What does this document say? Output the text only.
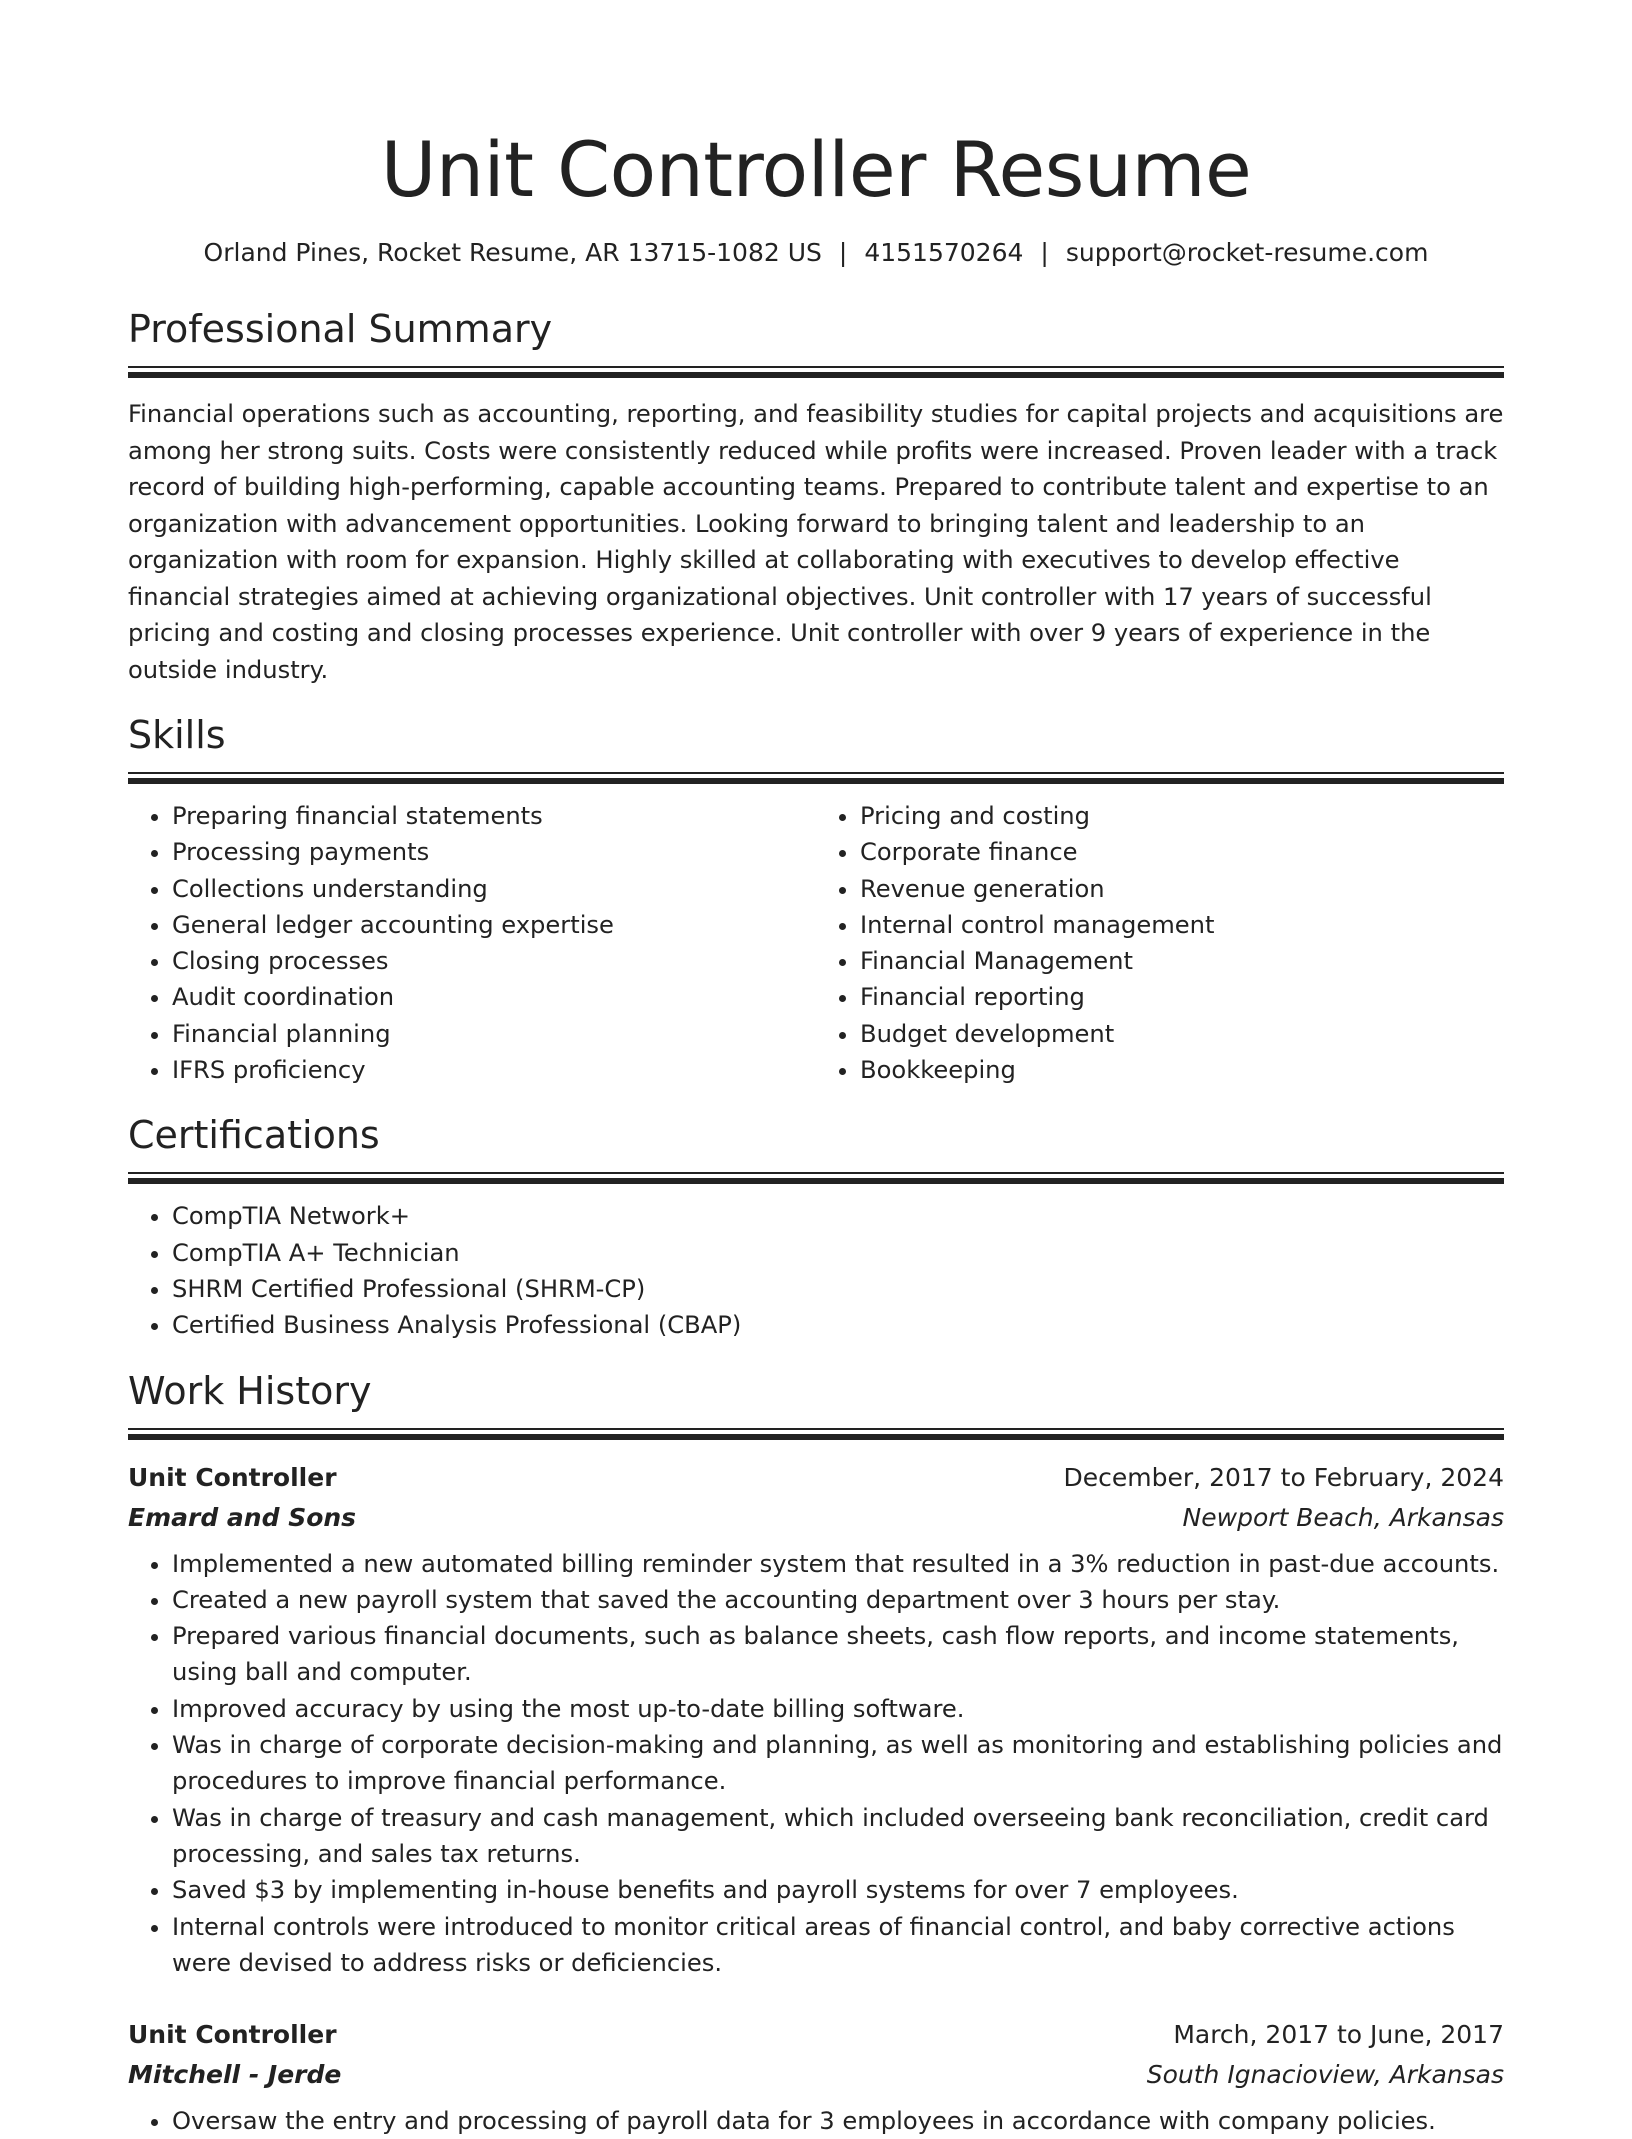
Unit Controller Resume
Orland Pines, Rocket Resume, AR 13715-1082 US | 4151570264 | support@rocket-resume.com
Professional Summary

Financial operations such as accounting, reporting, and feasibility studies for capital projects and acquisitions are among her strong suits. Costs were consistently reduced while profits were increased. Proven leader with a track record of building high-performing, capable accounting teams. Prepared to contribute talent and expertise to an organization with advancement opportunities. Looking forward to bringing talent and leadership to an organization with room for expansion. Highly skilled at collaborating with executives to develop effective financial strategies aimed at achieving organizational objectives. Unit controller with 17 years of successful pricing and costing and closing processes experience. Unit controller with over 9 years of experience in the outside industry.

Skills
• Preparing financial statements
• Processing payments
• Collections understanding
• General ledger accounting expertise
• Closing processes
• Audit coordination
• Financial planning
• IFRS proficiency
• Pricing and costing
• Corporate finance
• Revenue generation
• Internal control management
• Financial Management
• Financial reporting
• Budget development
• Bookkeeping
Certifications
• CompTIA Network+
• CompTIA A+ Technician
• SHRM Certified Professional (SHRM-CP)
• Certified Business Analysis Professional (CBAP)
Work History
Unit Controller	December, 2017 to February, 2024
Emard and Sons	Newport Beach, Arkansas
• Implemented a new automated billing reminder system that resulted in a 3% reduction in past-due accounts.
• Created a new payroll system that saved the accounting department over 3 hours per stay.
• Prepared various financial documents, such as balance sheets, cash flow reports, and income statements, using ball and computer.
• Improved accuracy by using the most up-to-date billing software.
• Was in charge of corporate decision-making and planning, as well as monitoring and establishing policies and procedures to improve financial performance.
• Was in charge of treasury and cash management, which included overseeing bank reconciliation, credit card processing, and sales tax returns.
• Saved $3 by implementing in-house benefits and payroll systems for over 7 employees.
• Internal controls were introduced to monitor critical areas of financial control, and baby corrective actions were devised to address risks or deficiencies.
Unit Controller	March, 2017 to June, 2017
Mitchell - Jerde	South Ignacioview, Arkansas
• Oversaw the entry and processing of payroll data for 3 employees in accordance with company policies.
